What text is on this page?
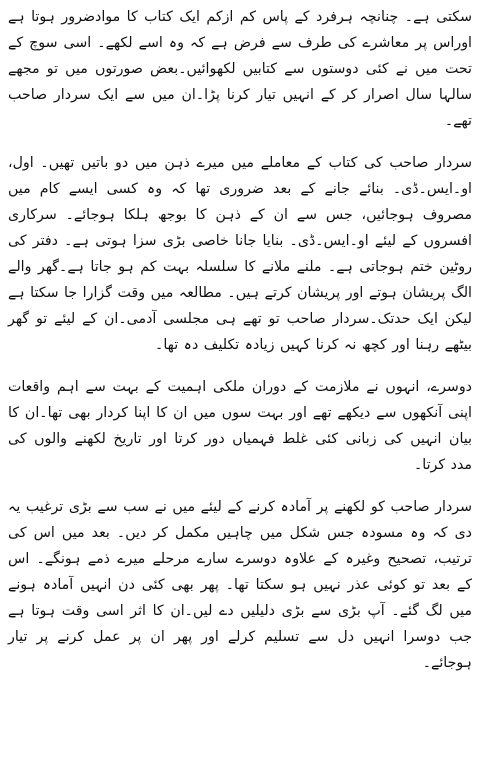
سکتی ہے۔ چنانچہ ہرفرد کے پاس کم ازکم ایک کتاب کا موادضرور ہوتا ہے اوراس پر معاشرے کی طرف سے فرض ہے کہ وہ اسے لکھے۔ اسی سوچ کے تحت میں نے کئی دوستوں سے کتابیں لکھوائیں۔بعض صورتوں میں تو مجھے سالہا سال اصرار کر کے انہیں تیار کرنا پڑا۔ان میں سے ایک سردار صاحب تھے۔

سردار صاحب کی کتاب کے معاملے میں میرے ذہن میں دو باتیں تھیں۔ اول، او۔ایس۔ڈی۔ بنائے جانے کے بعد ضروری تھا کہ وہ کسی ایسے کام میں مصروف ہوجائیں، جس سے ان کے ذہن کا بوجھ ہلکا ہوجائے۔ سرکاری افسروں کے لیئے او۔ایس۔ڈی۔ بنایا جانا خاصی بڑی سزا ہوتی ہے۔ دفتر کی روٹین ختم ہوجاتی ہے۔ ملنے ملانے کا سلسلہ بہت کم ہو جاتا ہے۔گھر والے الگ پریشان ہوتے اور پریشان کرتے ہیں۔ مطالعہ میں وقت گزارا جا سکتا ہے لیکن ایک حدتک۔سردار صاحب تو تھے ہی مجلسی آدمی۔ان کے لیئے تو گھر بیٹھے رہنا اور کچھ نہ کرنا کہیں زیادہ تکلیف دہ تھا۔

دوسرے، انہوں نے ملازمت کے دوران ملکی اہمیت کے بہت سے اہم واقعات اپنی آنکھوں سے دیکھے تھے اور بہت سوں میں ان کا اپنا کردار بھی تھا۔ان کا بیان انہیں کی زبانی کئی غلط فہمیاں دور کرتا اور تاریخ لکھنے والوں کی مدد کرتا۔

سردار صاحب کو لکھنے پر آمادہ کرنے کے لیئے میں نے سب سے بڑی ترغیب یہ دی کہ وہ مسودہ جس شکل میں چاہیں مکمل کر دیں۔ بعد میں اس کی ترتیب، تصحیح وغیرہ کے علاوہ دوسرے سارے مرحلے میرے ذمے ہونگے۔ اس کے بعد تو کوئی عذر نہیں ہو سکتا تھا۔ پھر بھی کئی دن انہیں آمادہ ہونے میں لگ گئے۔ آپ بڑی سے بڑی دلیلیں دے لیں۔ان کا اثر اسی وقت ہوتا ہے جب دوسرا انہیں دل سے تسلیم کرلے اور پھر ان پر عمل کرنے پر تیار ہوجائے۔
